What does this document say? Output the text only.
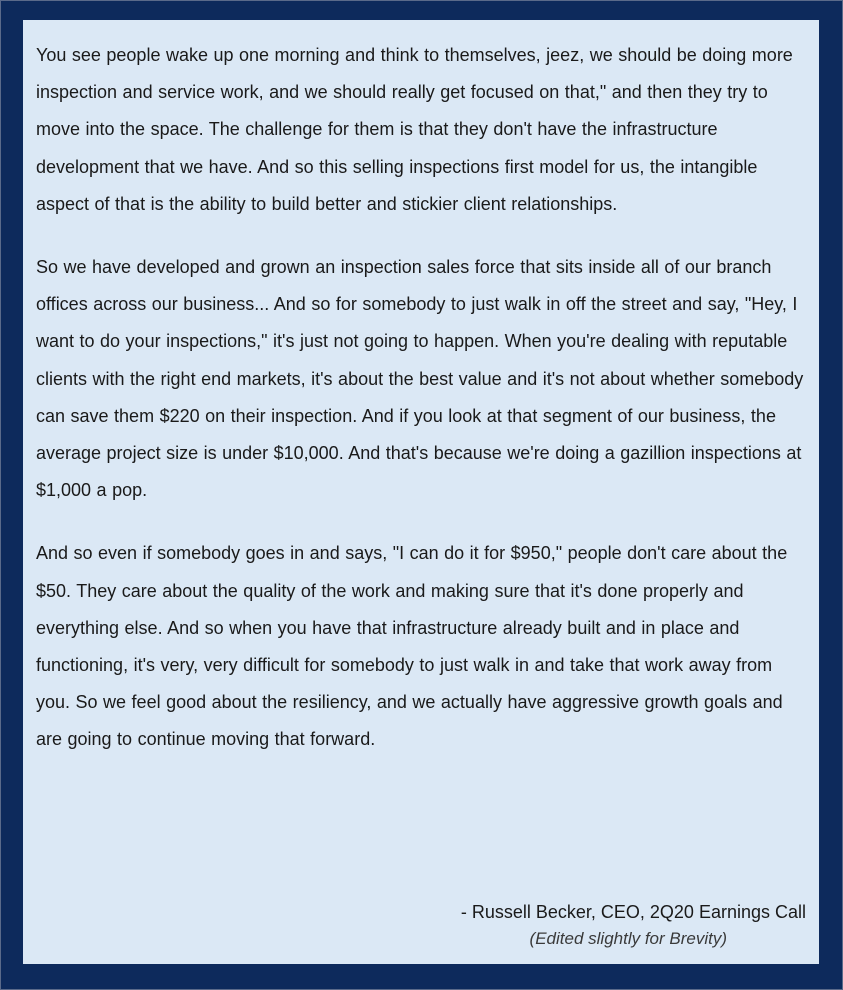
You see people wake up one morning and think to themselves, jeez, we should be doing more inspection and service work, and we should really get focused on that," and then they try to move into the space. The challenge for them is that they don't have the infrastructure development that we have. And so this selling inspections first model for us, the intangible aspect of that is the ability to build better and stickier client relationships.

So we have developed and grown an inspection sales force that sits inside all of our branch offices across our business... And so for somebody to just walk in off the street and say, "Hey, I want to do your inspections," it's just not going to happen. When you're dealing with reputable clients with the right end markets, it's about the best value and it's not about whether somebody can save them $220 on their inspection. And if you look at that segment of our business, the average project size is under $10,000. And that's because we're doing a gazillion inspections at $1,000 a pop.

And so even if somebody goes in and says, "I can do it for $950," people don't care about the $50. They care about the quality of the work and making sure that it's done properly and everything else. And so when you have that infrastructure already built and in place and functioning, it's very, very difficult for somebody to just walk in and take that work away from you. So we feel good about the resiliency, and we actually have aggressive growth goals and are going to continue moving that forward.

- Russell Becker, CEO, 2Q20 Earnings Call
(Edited slightly for Brevity)
